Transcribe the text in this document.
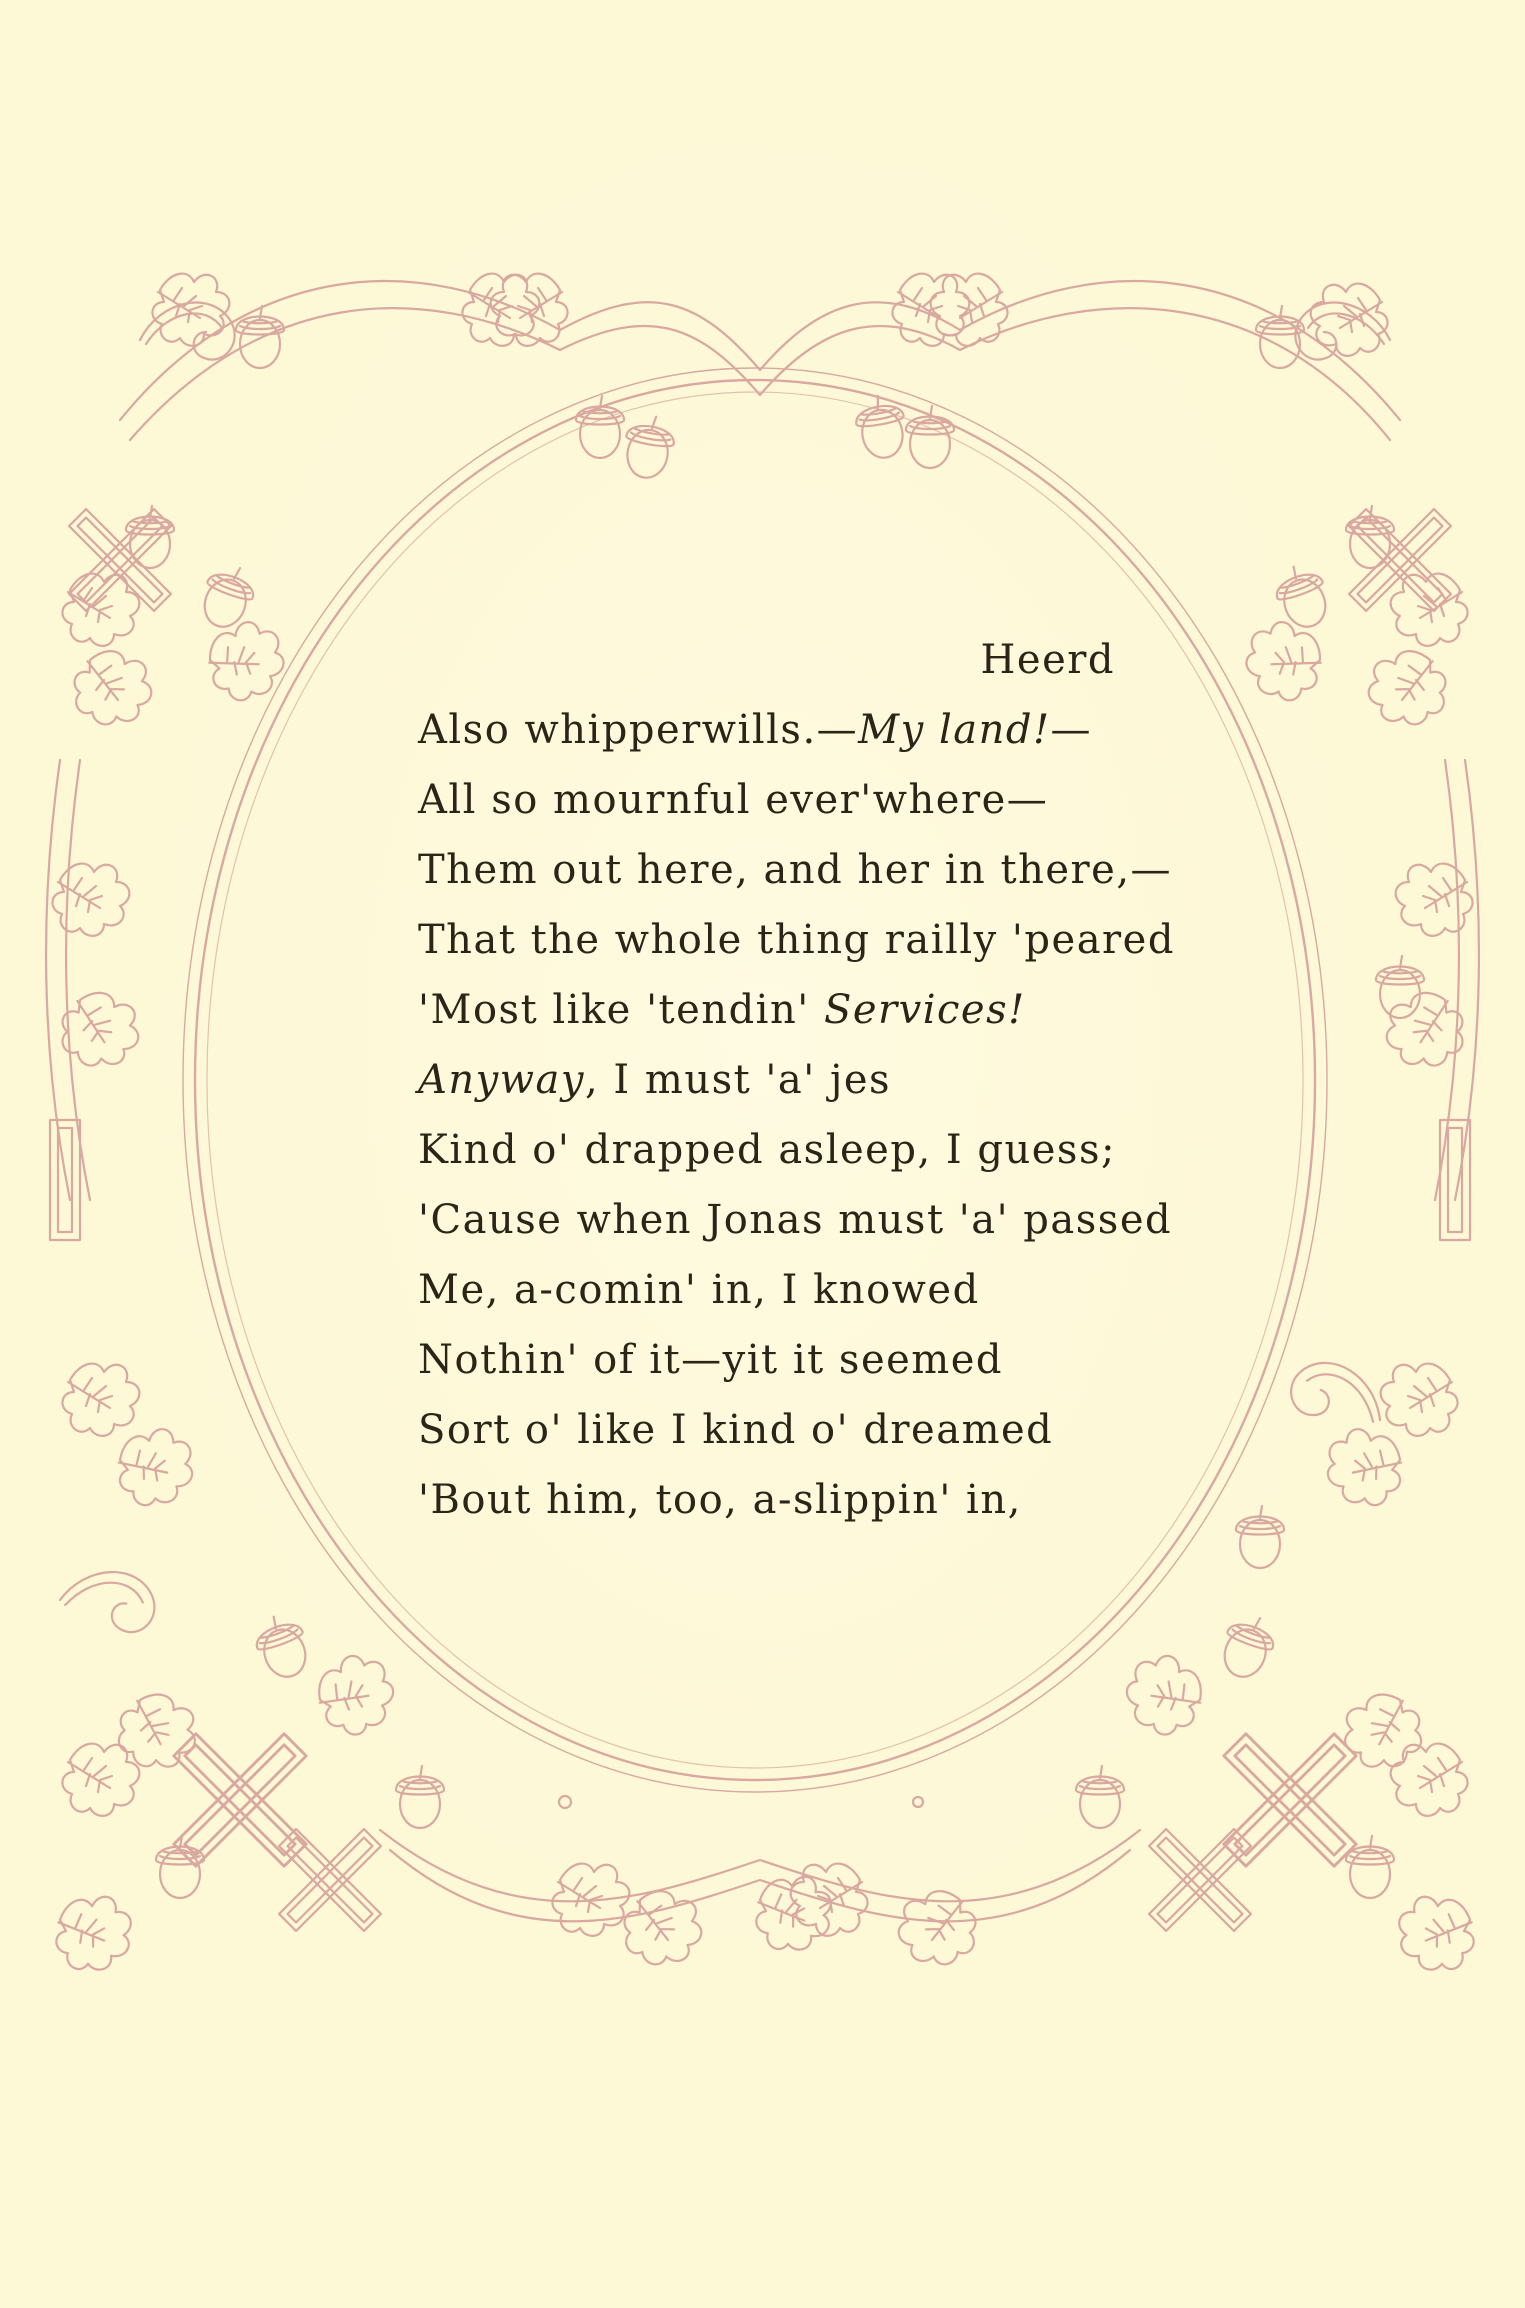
Heerd
Also whipperwills.—My land!—
All so mournful ever'where—
Them out here, and her in there,—
That the whole thing railly 'peared
'Most like 'tendin' Services!
Anyway, I must 'a' jes
Kind o' drapped asleep, I guess;
'Cause when Jonas must 'a' passed
Me, a-comin' in, I knowed
Nothin' of it—yit it seemed
Sort o' like I kind o' dreamed
'Bout him, too, a-slippin' in,
